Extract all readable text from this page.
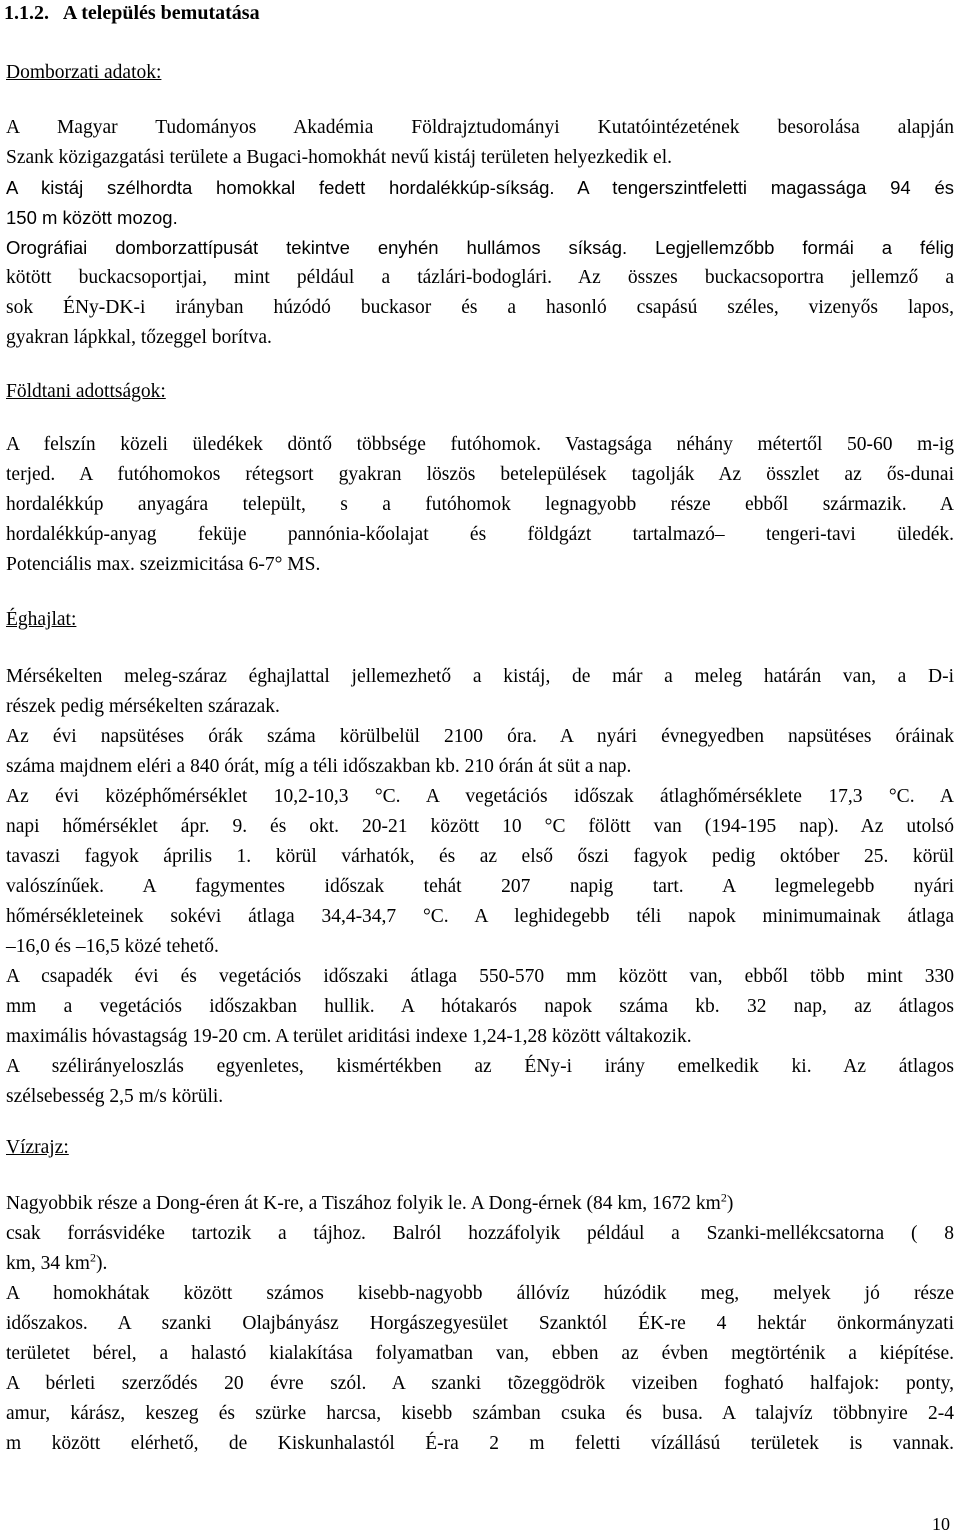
1.1.2. A település bemutatása
Domborzati adatok:
A Magyar Tudományos Akadémia Földrajztudományi Kutatóintézetének besorolása alapján
Szank közigazgatási területe a Bugaci-homokhát nevű kistáj területen helyezkedik el.
A kistáj szélhordta homokkal fedett hordalékkúp-síkság. A tengerszintfeletti magassága 94 és
150 m között mozog.
Orográfiai domborzattípusát tekintve enyhén hullámos síkság. Legjellemzőbb formái a félig
kötött buckacsoportjai, mint például a tázlári-bodoglári. Az összes buckacsoportra jellemző a
sok ÉNy-DK-i irányban húzódó buckasor és a hasonló csapású széles, vizenyős lapos,
gyakran lápkkal, tőzeggel borítva.
Földtani adottságok:
A felszín közeli üledékek döntő többsége futóhomok. Vastagsága néhány métertől 50-60 m-ig
terjed. A futóhomokos rétegsort gyakran löszös betelepülések tagolják Az összlet az ős-dunai
hordalékkúp anyagára települt, s a futóhomok legnagyobb része ebből származik. A
hordalékkúp-anyag feküje pannónia-kőolajat és földgázt tartalmazó– tengeri-tavi üledék.
Potenciális max. szeizmicitása 6-7° MS.
Éghajlat:
Mérsékelten meleg-száraz éghajlattal jellemezhető a kistáj, de már a meleg határán van, a D-i
részek pedig mérsékelten szárazak.
Az évi napsütéses órák száma körülbelül 2100 óra. A nyári évnegyedben napsütéses óráinak
száma majdnem eléri a 840 órát, míg a téli időszakban kb. 210 órán át süt a nap.
Az évi középhőmérséklet 10,2-10,3 °C. A vegetációs időszak átlaghőmérséklete 17,3 °C. A
napi hőmérséklet ápr. 9. és okt. 20-21 között 10 °C fölött van (194-195 nap). Az utolsó
tavaszi fagyok április 1. körül várhatók, és az első őszi fagyok pedig október 25. körül
valószínűek. A fagymentes időszak tehát 207 napig tart. A legmelegebb nyári
hőmérsékleteinek sokévi átlaga 34,4-34,7 °C. A leghidegebb téli napok minimumainak átlaga
–16,0 és –16,5 közé tehető.
A csapadék évi és vegetációs időszaki átlaga 550-570 mm között van, ebből több mint 330
mm a vegetációs időszakban hullik. A hótakarós napok száma kb. 32 nap, az átlagos
maximális hóvastagság 19-20 cm. A terület ariditási indexe 1,24-1,28 között váltakozik.
A szélirányeloszlás egyenletes, kismértékben az ÉNy-i irány emelkedik ki. Az átlagos
szélsebesség 2,5 m/s körüli.
Vízrajz:
Nagyobbik része a Dong-éren át K-re, a Tiszához folyik le. A Dong-érnek (84 km, 1672 $km^2$)
csak forrásvidéke tartozik a tájhoz. Balról hozzáfolyik például a Szanki-mellékcsatorna ( 8
km, 34 $km^2$).
A homokhátak között számos kisebb-nagyobb állóvíz húzódik meg, melyek jó része
időszakos. A szanki Olajbányász Horgászegyesület Szanktól ÉK-re 4 hektár önkormányzati
területet bérel, a halastó kialakítása folyamatban van, ebben az évben megtörténik a kiépítése.
A bérleti szerződés 20 évre szól. A szanki tõzeggödrök vizeiben fogható halfajok: ponty,
amur, kárász, keszeg és szürke harcsa, kisebb számban csuka és busa. A talajvíz többnyire 2-4
m között elérhető, de Kiskunhalastól É-ra 2 m feletti vízállású területek is vannak.
10
